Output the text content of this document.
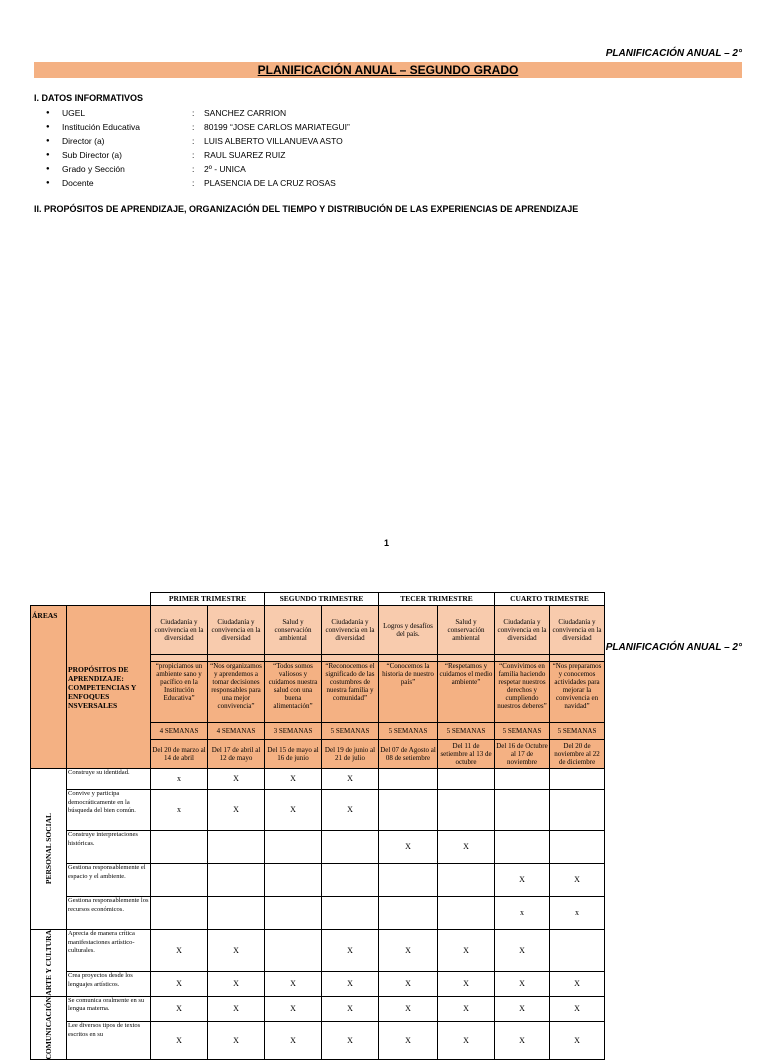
PLANIFICACIÓN ANUAL – 2°
PLANIFICACIÓN ANUAL – SEGUNDO GRADO
I. DATOS INFORMATIVOS
● UGEL	: SANCHEZ CARRION
● Institución Educativa	: 80199 “JOSE CARLOS MARIATEGUI”
● Director (a)	: LUIS ALBERTO VILLANUEVA ASTO
● Sub Director (a)	: RAUL SUAREZ RUIZ
● Grado y Sección	: 2º - UNICA
● Docente	: PLASENCIA DE LA CRUZ ROSAS
II. PROPÓSITOS DE APRENDIZAJE, ORGANIZACIÓN DEL TIEMPO Y DISTRIBUCIÓN DE LAS EXPERIENCIAS DE APRENDIZAJE
1
PLANIFICACIÓN ANUAL – 2°
		PRIMER TRIMESTRE		SEGUNDO TRIMESTRE		TECER TRIMESTRE		CUARTO TRIMESTRE	
ÁREAS	PROPÓSITOS DE APRENDIZAJE: COMPETENCIAS Y ENFOQUES NSVERSALES	Ciudadanía y convivencia en la diversidad	Ciudadanía y convivencia en la diversidad	Salud y conservación ambiental	Ciudadanía y convivencia en la diversidad	Logros y desafíos del país.	Salud y conservación ambiental	Ciudadanía y convivencia en la diversidad	Ciudadanía y convivencia en la diversidad

		“propiciamos un ambiente sano y pacífico en la Institución Educativa”	“Nos organizamos y aprendemos a tomar decisiones responsables para una mejor convivencia”	“Todos somos valiosos y cuidamos nuestra salud con una buena alimentación”	“Reconocemos el significado de las costumbres de nuestra familia y comunidad”	“Conocemos la historia de nuestro país”	“Respetamos y cuidamos el medio ambiente”	“Convivimos en familia haciendo respetar nuestros derechos y cumpliendo nuestros deberes”	“Nos preparamos y conocemos actividades para mejorar la convivencia en navidad”
		4 SEMANAS	4 SEMANAS	3 SEMANAS	5 SEMANAS	5 SEMANAS	5 SEMANAS	5 SEMANAS	5 SEMANAS
		Del 20 de marzo al 14 de abril	Del 17 de abril al 12 de mayo	Del 15 de mayo al 16 de junio	Del 19 de junio al 21 de julio	Del 07 de Agosto al 08 de setiembre	Del 11 de setiembre al 13 de octubre	Del 16 de Octubre al 17 de noviembre	Del 20 de noviembre al 22 de diciembre

PERSONAL SOCIAL	Construye su identidad.	x	X	X	X				
	Convive y participa democráticamente en la búsqueda del bien común.	x	X	X	X				
	Construye interpretaciones históricas.					X	X		
	Gestiona responsablemente el espacio y el ambiente.							X	X
	Gestiona responsablemente los recursos económicos.							x	x

ARTE Y CULTURA	Aprecia de manera crítica manifestaciones artístico-culturales.	X	X		X	X	X	X	
	Crea proyectos desde los lenguajes artísticos.	X	X	X	X	X	X	X	X

COMUNICACIÓN	Se comunica oralmente en su lengua materna.	X	X	X	X	X	X	X	X
	Lee diversos tipos de textos escritos en su	X	X	X	X	X	X	X	X
